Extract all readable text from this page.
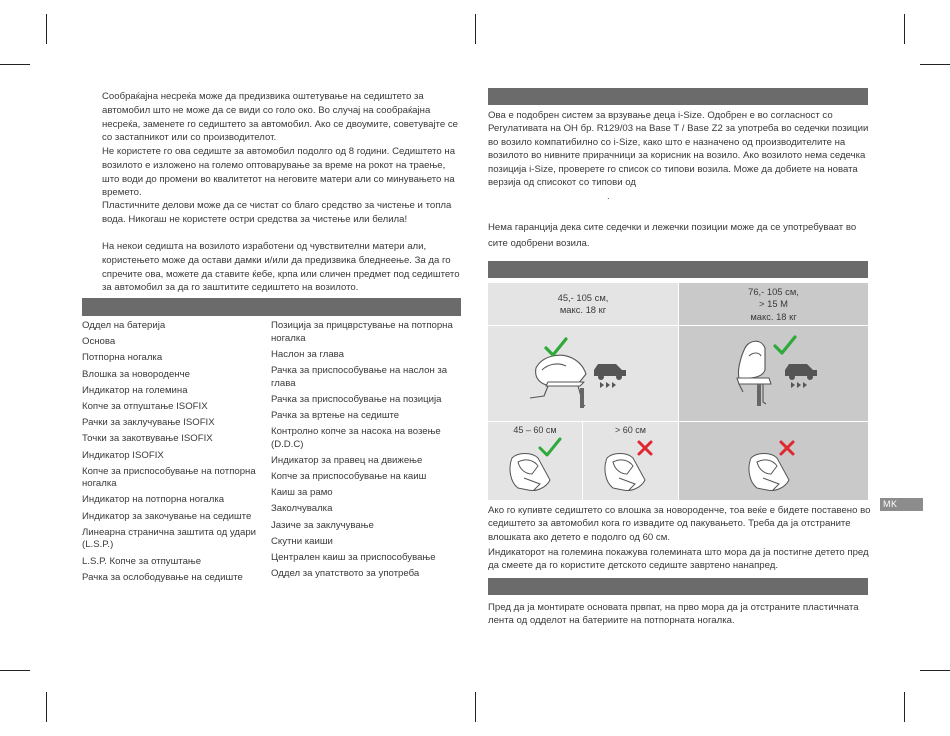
Сообраќајна несреќа може да предизвика оштетување на седиштето за автомобил што не може да се види со голо око. Во случај на сообраќајна несреќа, заменете го седиштето за автомобил. Ако се двоумите, советувајте се со застапникот или со производителот.

Не користете го ова седиште за автомобил подолго од 8 години. Седиштето на возилото е изложено на големо оптоварување за време на рокот на траење, што води до промени во квалитетот на неговите матери али со минувањето на времето.

Пластичните делови може да се чистат со благо средство за чистење и топла вода. Никогаш не користете остри средства за чистење или белила!

На некои седишта на возилото изработени од чувствителни матери али, користењето може да остави дамки и/или да предизвика бледнеење. За да го спречите ова, можете да ставите ќебе, крпа или сличен предмет под седиштето за автомобил за да го заштитите седиштето на возилото.

Оддел на батерија

Основа

Потпорна ногалка

Влошка за новороденче

Индикатор на големина

Копче за отпуштање ISOFIX

Рачки за заклучување ISOFIX

Точки за закотвување ISOFIX

Индикатор ISOFIX

Копче за приспособување на потпорна ногалка

Индикатор на потпорна ногалка

Индикатор за закочување на седиште

Линеарна странична заштита од удари (L.S.P.)

L.S.P. Копче за отпуштање

Рачка за ослободување на седиште

Позиција за прицврстување на потпорна ногалка

Наслон за глава

Рачка за приспособување на наслон за глава

Рачка за приспособување на позиција

Рачка за вртење на седиште

Контролно копче за насока на возење (D.D.C)

Индикатор за правец на движење

Копче за приспособување на каиш

Каиш за рамо

Заколчувалка

Јазиче за заклучување

Скутни каиши

Централен каиш за приспособување

Оддел за упатството за употреба

Ова е подобрен систем за врзување деца i-Size. Одобрен е во согласност со Регулативата на ОН бр. R129/03 на Base T / Base Z2 за употреба во седечки позиции во возило компатибилно со i-Size, како што е назначено од производителите на возилото во нивните прирачници за корисник на возило. Ако возилото нема седечка позиција i-Size, проверете го список со типови возила. Може да добиете на новата верзија од списокот со типови од

.

Нема гаранција дека сите седечки и лежечки позиции може да се употребуваат во сите одобрени возила.

45,- 105 см,
макс. 18 кг
76,- 105 см,
> 15 М
макс. 18 кг
45 – 60 см	> 60 см

Ако го купивте седиштето со влошка за новороденче, тоа веќе е бидете поставено во седиштето за автомобил кога го извадите од пакувањето. Треба да ја отстраните влошката ако детето е подолго од 60 см.

Индикаторот на големина покажува големината што мора да ја постигне детето пред да смеете да го користите детското седиште завртено нанапред.

Пред да ја монтирате основата првпат, на прво мора да ја отстраните пластичната лента од одделот на батериите на потпорната ногалка.

MK
